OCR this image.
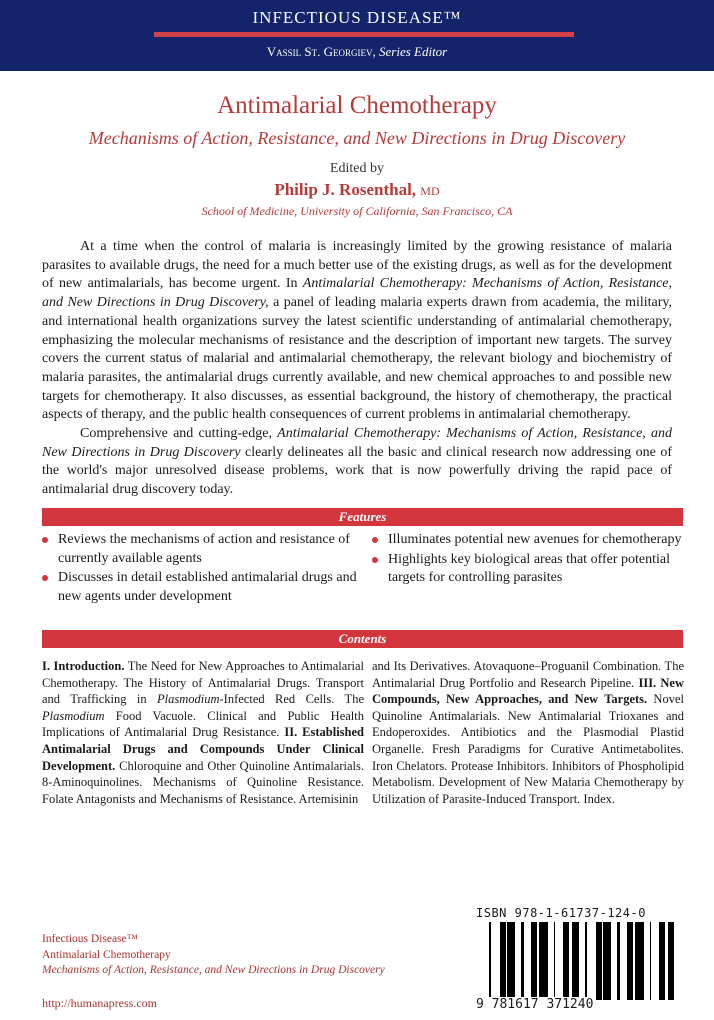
INFECTIOUS DISEASE™
Vassil St. Georgiev, Series Editor
Antimalarial Chemotherapy
Mechanisms of Action, Resistance, and New Directions in Drug Discovery
Edited by
Philip J. Rosenthal, MD
School of Medicine, University of California, San Francisco, CA

At a time when the control of malaria is increasingly limited by the growing resistance of malaria parasites to available drugs, the need for a much better use of the existing drugs, as well as for the development of new antimalarials, has become urgent. In Antimalarial Chemotherapy: Mechanisms of Action, Resistance, and New Directions in Drug Discovery, a panel of leading malaria experts drawn from academia, the military, and international health organizations survey the latest scientific understanding of antimalarial chemotherapy, emphasizing the molecular mechanisms of resistance and the description of important new targets. The survey covers the current status of malarial and antimalarial chemotherapy, the relevant biology and biochemistry of malaria parasites, the antimalarial drugs currently available, and new chemical approaches to and possible new targets for chemotherapy. It also discusses, as essential background, the history of chemotherapy, the practical aspects of therapy, and the public health consequences of current problems in antimalarial chemotherapy.

Comprehensive and cutting-edge, Antimalarial Chemotherapy: Mechanisms of Action, Resistance, and New Directions in Drug Discovery clearly delineates all the basic and clinical research now addressing one of the world's major unresolved disease problems, work that is now powerfully driving the rapid pace of antimalarial drug discovery today.

Features
Reviews the mechanisms of action and resistance of currently available agents
Discusses in detail established antimalarial drugs and new agents under development
Illuminates potential new avenues for chemotherapy
Highlights key biological areas that offer potential targets for controlling parasites
Contents
I. Introduction. The Need for New Approaches to Antimalarial Chemotherapy. The History of Antimalarial Drugs. Transport and Trafficking in Plasmodium-Infected Red Cells. The Plasmodium Food Vacuole. Clinical and Public Health Implications of Antimalarial Drug Resistance. II. Established Antimalarial Drugs and Compounds Under Clinical Development. Chloroquine and Other Quinoline Antimalarials. 8-Aminoquinolines. Mechanisms of Quinoline Resistance. Folate Antagonists and Mechanisms of Resistance. Artemisinin
and Its Derivatives. Atovaquone–Proguanil Combination. The Antimalarial Drug Portfolio and Research Pipeline. III. New Compounds, New Approaches, and New Targets. Novel Quinoline Antimalarials. New Antimalarial Trioxanes and Endoperoxides. Antibiotics and the Plasmodial Plastid Organelle. Fresh Paradigms for Curative Antimetabolites. Iron Chelators. Protease Inhibitors. Inhibitors of Phospholipid Metabolism. Development of New Malaria Chemotherapy by Utilization of Parasite-Induced Transport. Index.
Infectious Disease™
Antimalarial Chemotherapy
Mechanisms of Action, Resistance, and New Directions in Drug Discovery
http://humanapress.com
ISBN 978-1-61737-124-0
9 781617 371240
